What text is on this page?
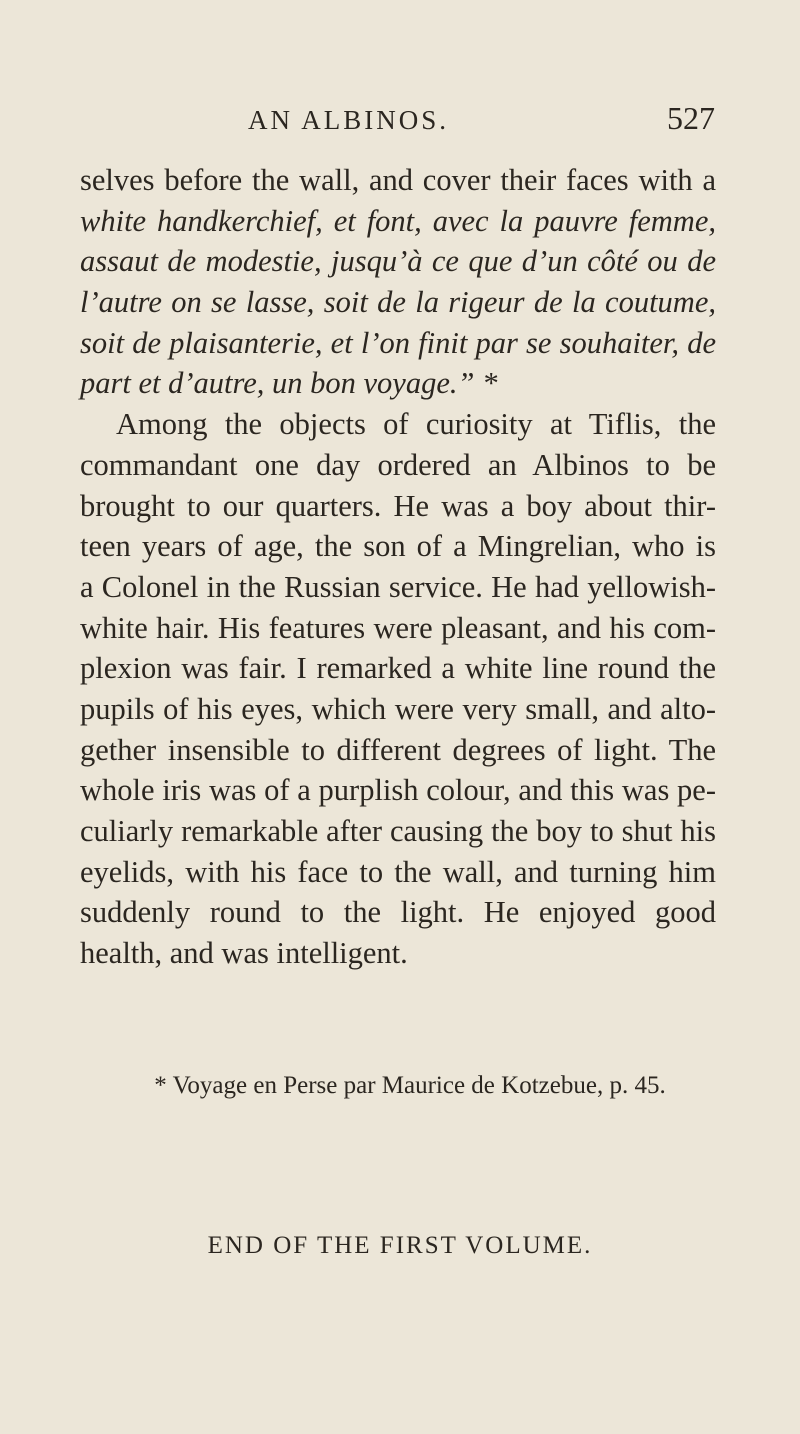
AN ALBINOS.	527
selves before the wall, and cover their faces with a
white handkerchief, et font, avec la pauvre femme,
assaut de modestie, jusqu’à ce que d’un côté ou de
l’autre on se lasse, soit de la rigeur de la coutume,
soit de plaisanterie, et l’on finit par se souhaiter, de
part et d’autre, un bon voyage.” *
Among the objects of curiosity at Tiflis, the
commandant one day ordered an Albinos to be
brought to our quarters. He was a boy about thir-
teen years of age, the son of a Mingrelian, who is
a Colonel in the Russian service. He had yellowish-
white hair. His features were pleasant, and his com-
plexion was fair. I remarked a white line round the
pupils of his eyes, which were very small, and alto-
gether insensible to different degrees of light. The
whole iris was of a purplish colour, and this was pe-
culiarly remarkable after causing the boy to shut his
eyelids, with his face to the wall, and turning him
suddenly round to the light. He enjoyed good
health, and was intelligent.
* Voyage en Perse par Maurice de Kotzebue, p. 45.
END OF THE FIRST VOLUME.
